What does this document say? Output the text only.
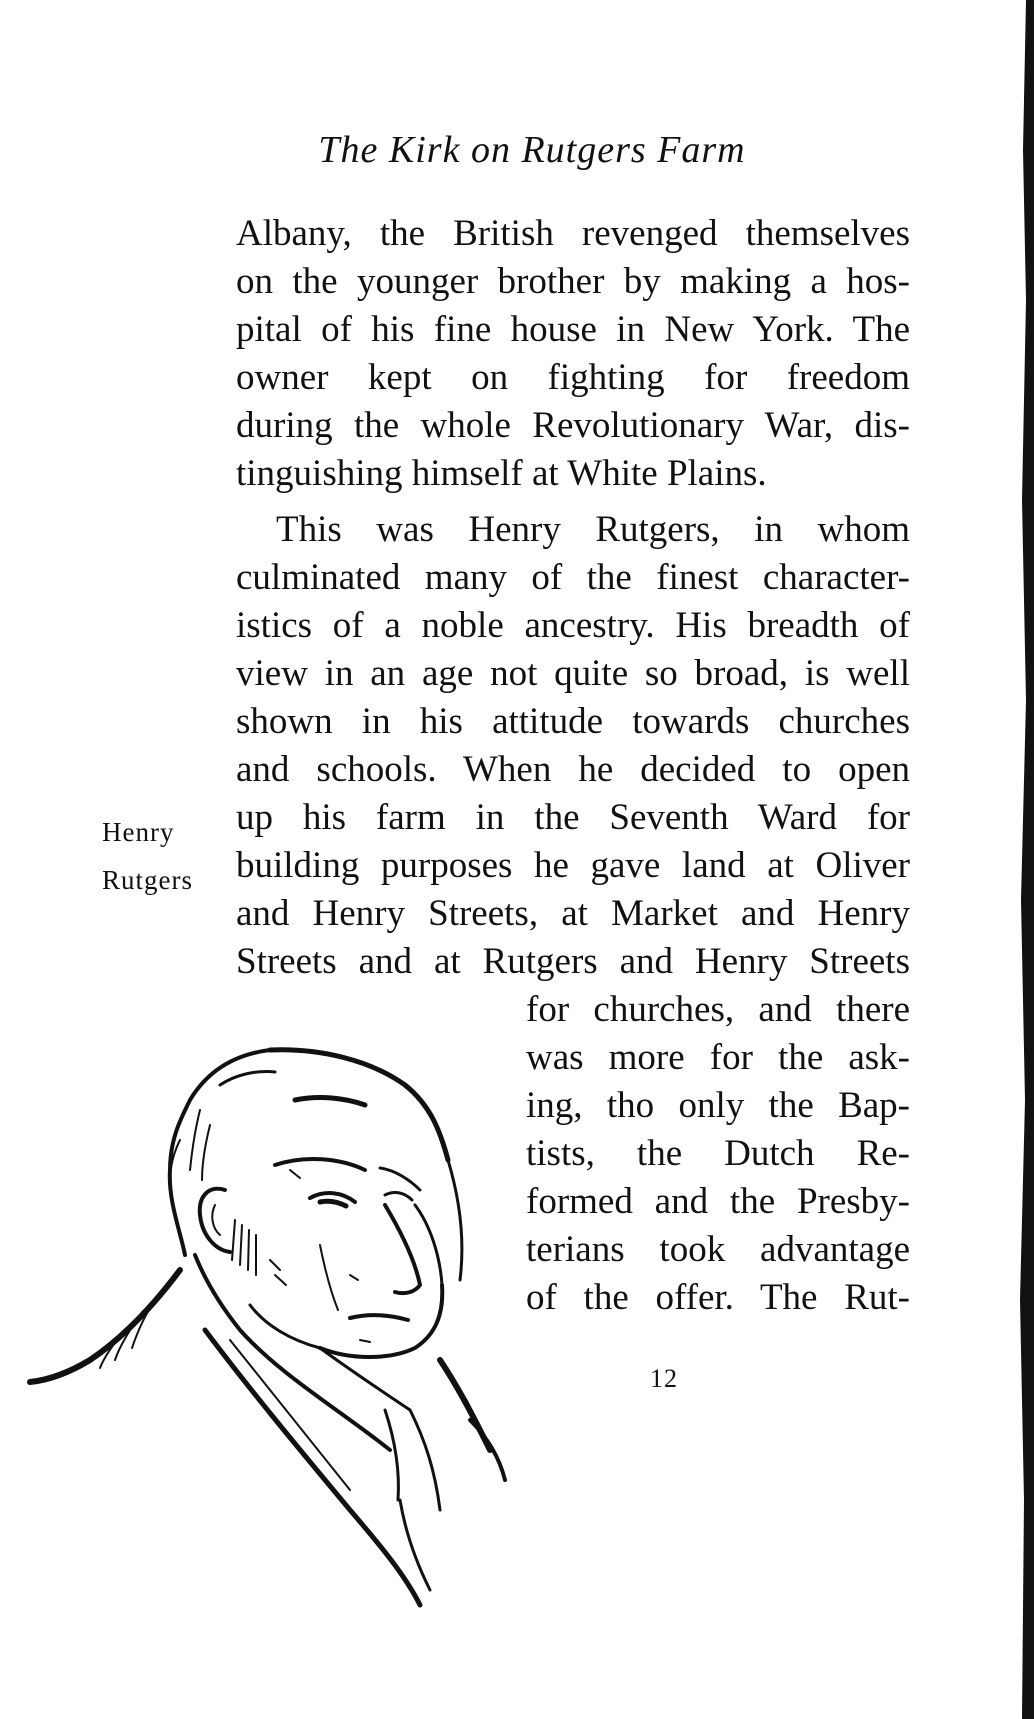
The Kirk on Rutgers Farm
Albany, the British revenged themselves
on the younger brother by making a hos-
pital of his fine house in New York. The
owner kept on fighting for freedom
during the whole Revolutionary War, dis-
tinguishing himself at White Plains.
This was Henry Rutgers, in whom
culminated many of the finest character-
istics of a noble ancestry. His breadth of
view in an age not quite so broad, is well
shown in his attitude towards churches
and schools. When he decided to open
up his farm in the Seventh Ward for
building purposes he gave land at Oliver
and Henry Streets, at Market and Henry
Streets and at Rutgers and Henry Streets
for churches, and there
was more for the ask-
ing, tho only the Bap-
tists, the Dutch Re-
formed and the Presby-
terians took advantage
of the offer. The Rut-
Henry
Rutgers
12
